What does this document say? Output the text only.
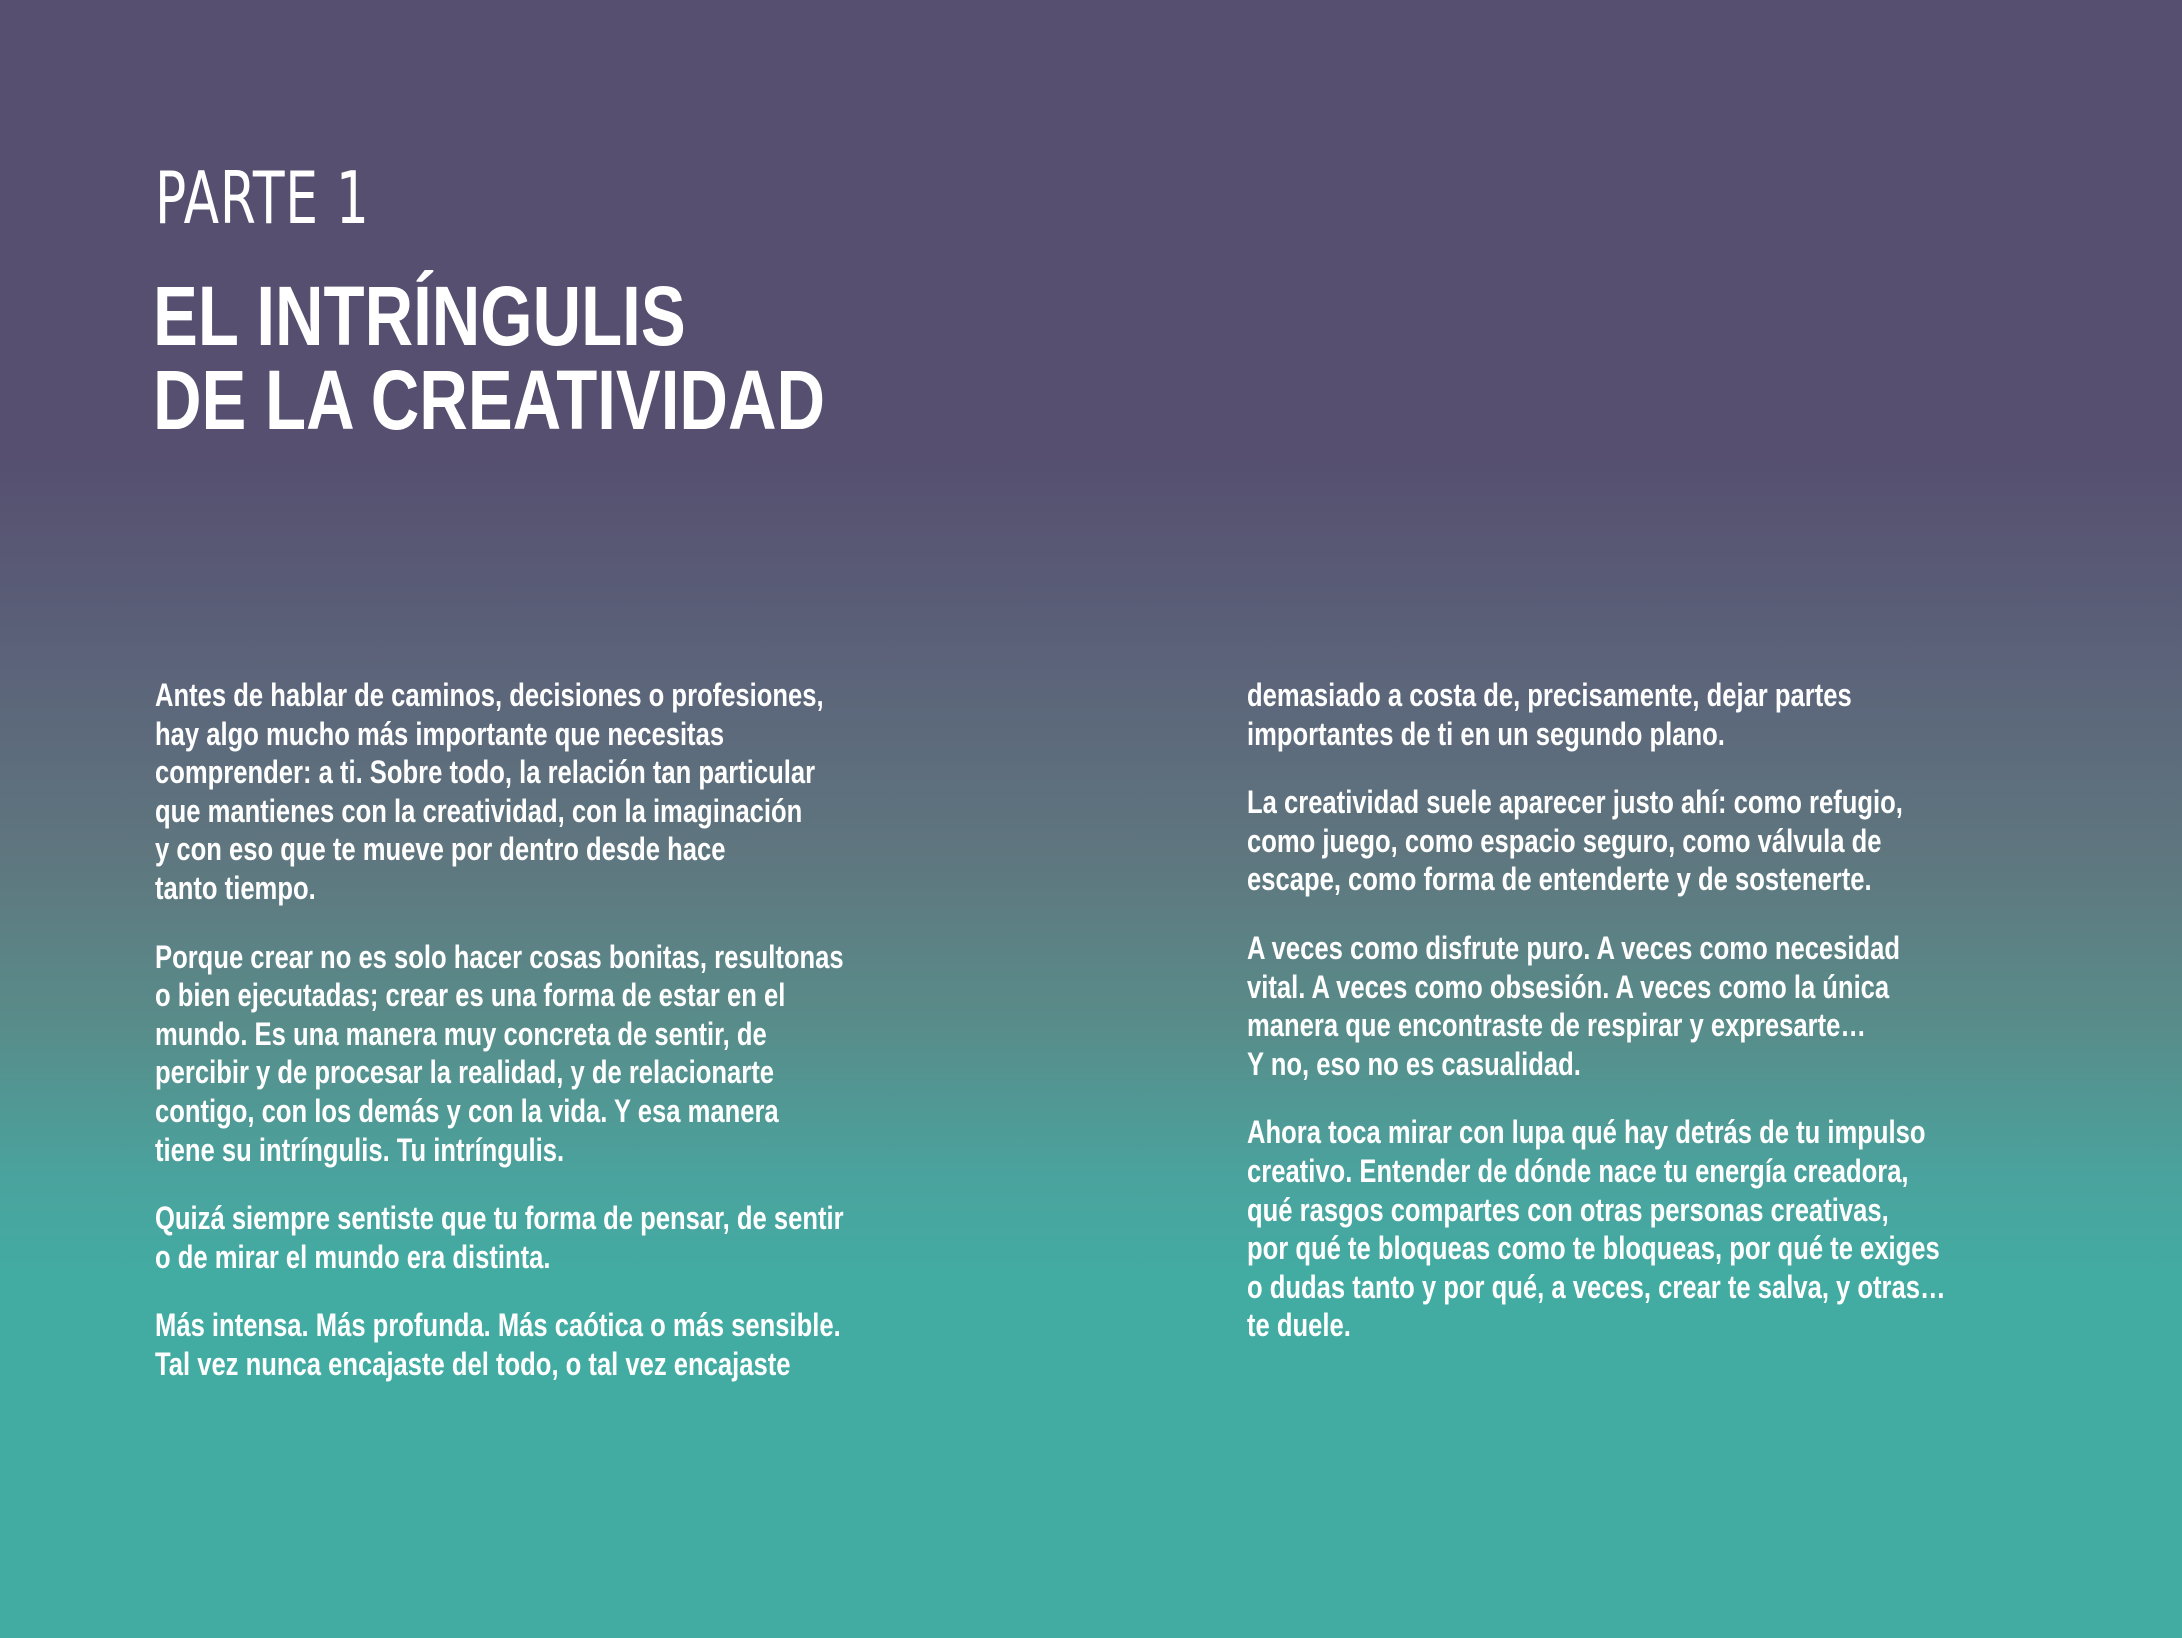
PARTE 1
EL INTRÍNGULIS
DE LA CREATIVIDAD

Antes de hablar de caminos, decisiones o profesiones,
hay algo mucho más importante que necesitas
comprender: a ti. Sobre todo, la relación tan particular
que mantienes con la creatividad, con la imaginación
y con eso que te mueve por dentro desde hace
tanto tiempo.

Porque crear no es solo hacer cosas bonitas, resultonas
o bien ejecutadas; crear es una forma de estar en el
mundo. Es una manera muy concreta de sentir, de
percibir y de procesar la realidad, y de relacionarte
contigo, con los demás y con la vida. Y esa manera
tiene su intríngulis. Tu intríngulis.

Quizá siempre sentiste que tu forma de pensar, de sentir
o de mirar el mundo era distinta.

Más intensa. Más profunda. Más caótica o más sensible.
Tal vez nunca encajaste del todo, o tal vez encajaste

demasiado a costa de, precisamente, dejar partes
importantes de ti en un segundo plano.

La creatividad suele aparecer justo ahí: como refugio,
como juego, como espacio seguro, como válvula de
escape, como forma de entenderte y de sostenerte.

A veces como disfrute puro. A veces como necesidad
vital. A veces como obsesión. A veces como la única
manera que encontraste de respirar y expresarte…
Y no, eso no es casualidad.

Ahora toca mirar con lupa qué hay detrás de tu impulso
creativo. Entender de dónde nace tu energía creadora,
qué rasgos compartes con otras personas creativas,
por qué te bloqueas como te bloqueas, por qué te exiges
o dudas tanto y por qué, a veces, crear te salva, y otras…
te duele.
